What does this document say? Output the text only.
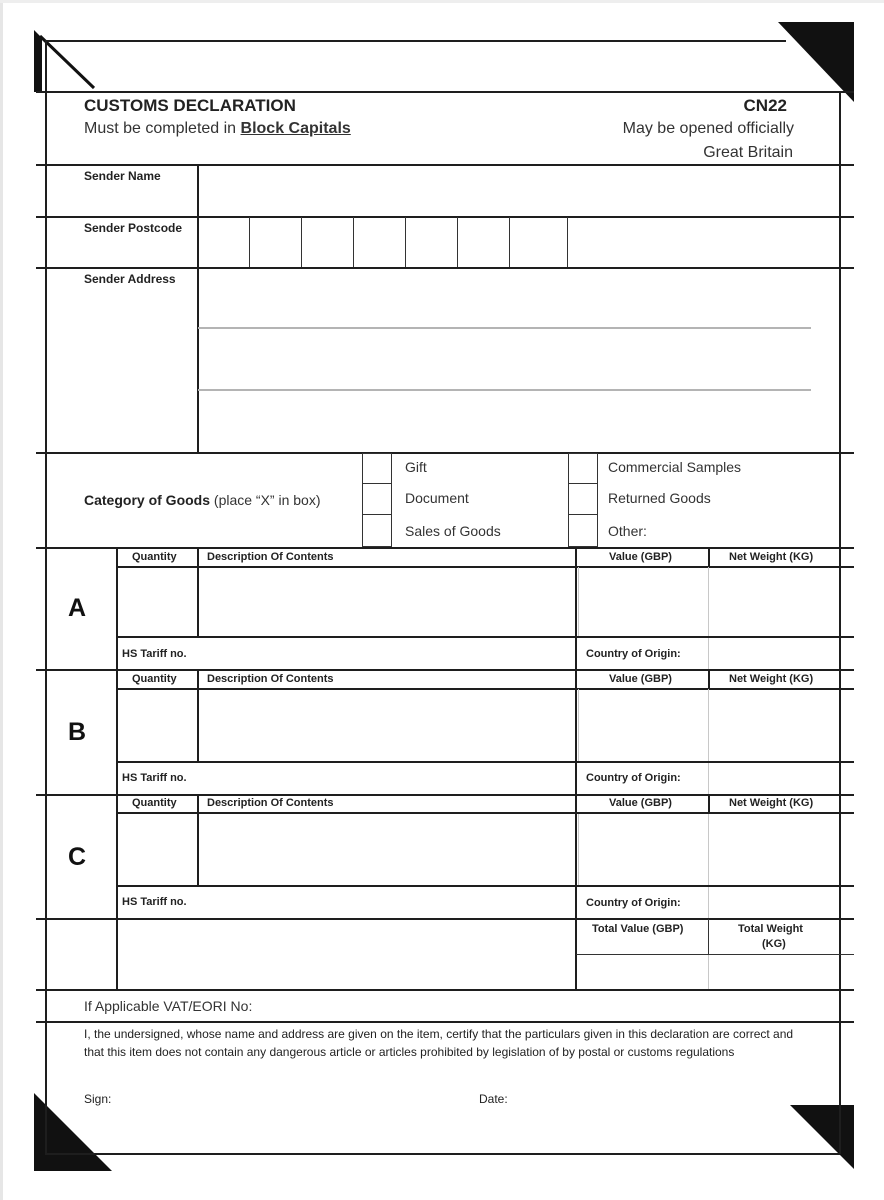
CUSTOMS DECLARATION
Must be completed in Block Capitals
CN22
May be opened officially
Great Britain
Sender Name
Sender Postcode
Sender Address
Category of Goods (place “X” in box)
Gift
Document
Sales of Goods
Commercial Samples
Returned Goods
Other:
Quantity	Description Of Contents	Value (GBP)	Net Weight (KG)
A
HS Tariff no.	Country of Origin:
Quantity	Description Of Contents	Value (GBP)	Net Weight (KG)
B
HS Tariff no.	Country of Origin:
Quantity	Description Of Contents	Value (GBP)	Net Weight (KG)
C
HS Tariff no.	Country of Origin:
Total Value (GBP)	Total Weight
(KG)
If Applicable VAT/EORI No:
I, the undersigned, whose name and address are given on the item, certify that the particulars given in this declaration are correct and that this item does not contain any dangerous article or articles prohibited by legislation of by postal or customs regulations
Sign:	Date:
